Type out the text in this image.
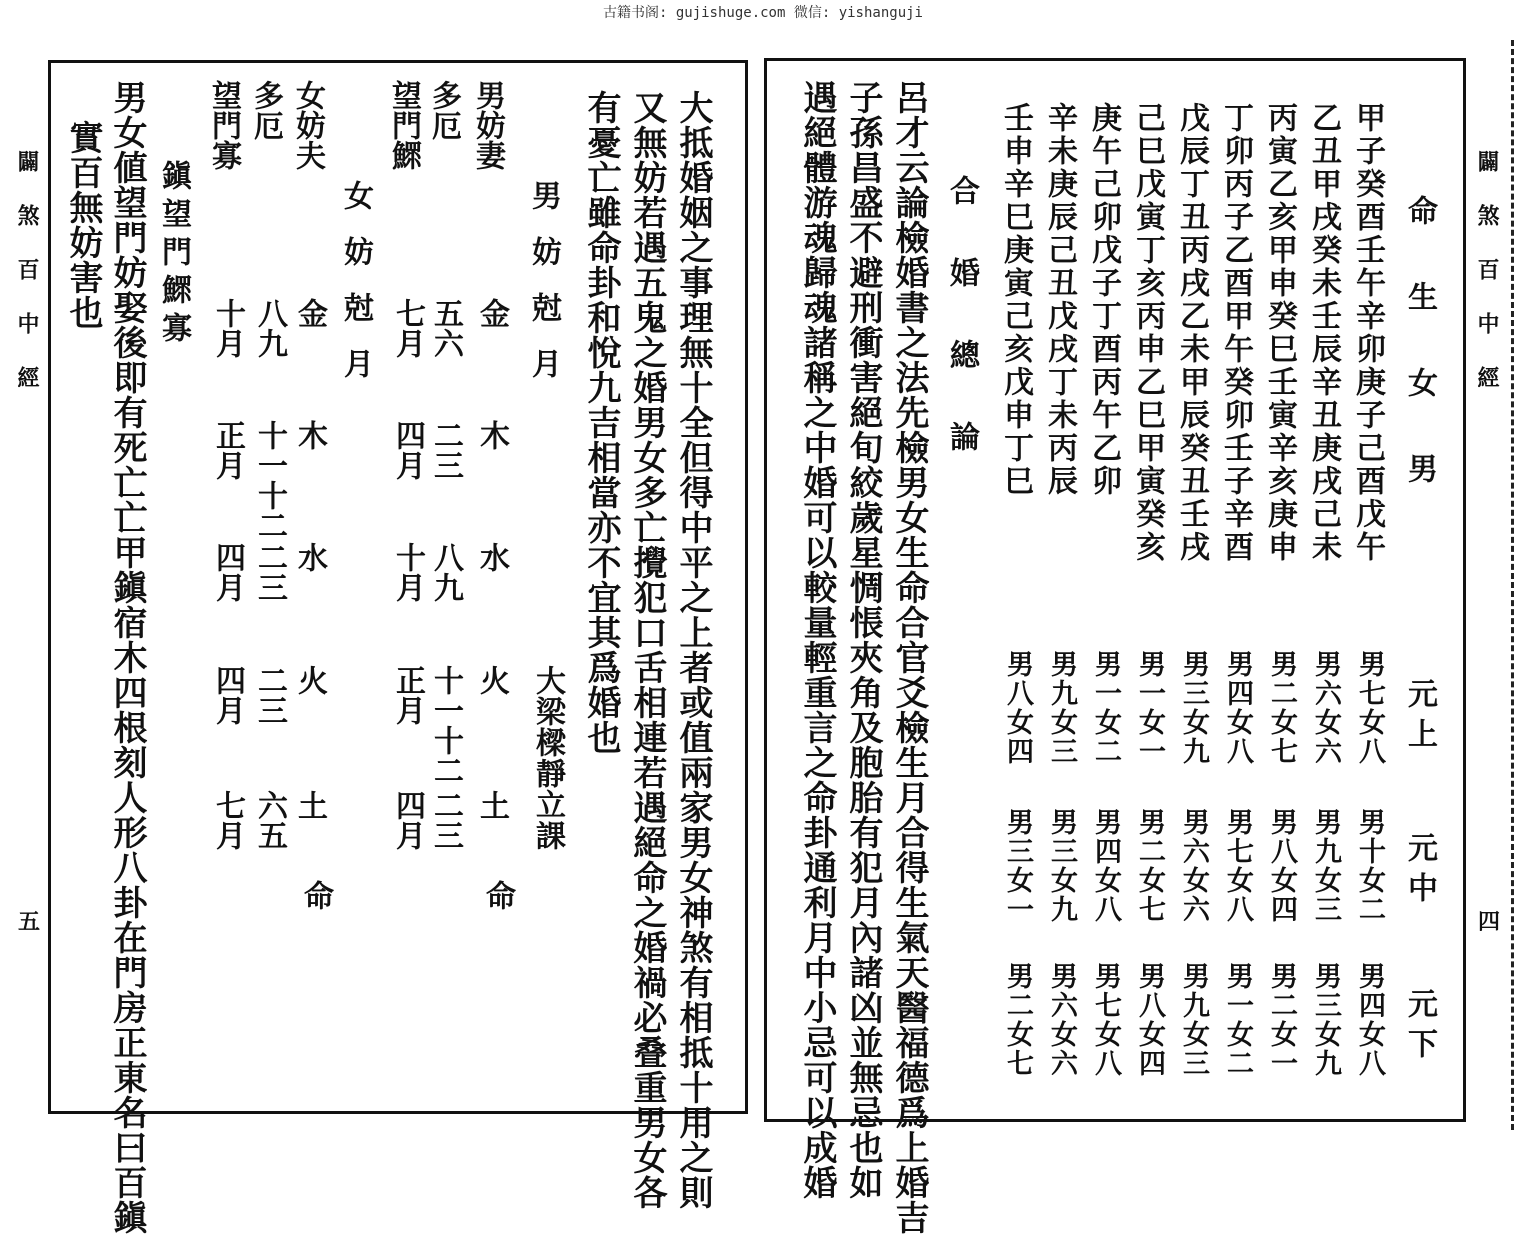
古籍书阁: gujishuge.com 微信: yishanguji
闢煞百中經
五	大抵婚姻之事理無十全但得中平之上者或值兩家男女神煞有相抵十用之則
又無妨若遇五鬼之婚男女多亡攪犯口舌相連若遇絕命之婚禍必叠重男女各
有憂亡雖命卦和悅九吉相當亦不宜其爲婚也
男妨尅月
大梁樑靜立課
男妨妻
金
木
水
火
土
命
多厄
五六
二三
八九
十一十二
二三
望門鰥
七月
四月
十月
正月
四月
女妨尅月
女妨夫
金
木
水
火
土
命
多厄
八九
十一十二
二三
二三
六五
望門寡
十月
正月
四月
四月
七月
鎭望門鰥寡
男女値望門妨娶後即有死亡亡甲鎭宿木四根刻人形八卦在門房正東名曰百鎭
實百無妨害也	闢煞百中經
四
命生女男
元上
元中
元下
甲子癸酉壬午辛卯庚子己酉戊午
乙丑甲戌癸未壬辰辛丑庚戌己未
丙寅乙亥甲申癸巳壬寅辛亥庚申
丁卯丙子乙酉甲午癸卯壬子辛酉
戊辰丁丑丙戌乙未甲辰癸丑壬戌
己巳戊寅丁亥丙申乙巳甲寅癸亥
庚午己卯戊子丁酉丙午乙卯
辛未庚辰己丑戊戌丁未丙辰
壬申辛巳庚寅己亥戊申丁巳
男七女八
男六女六
男二女七
男四女八
男三女九
男一女一
男一女二
男九女三
男八女四
男十女二
男九女三
男八女四
男七女八
男六女六
男二女七
男四女八
男三女九
男三女一
男四女八
男三女九
男二女一
男一女二
男九女三
男八女四
男七女八
男六女六
男二女七
合婚總論
呂才云論檢婚書之法先檢男女生命合官爻檢生月合得生氣天醫福德爲上婚吉
子孫昌盛不避刑衝害絕旬絞歲星惆悵夾角及胞胎有犯月內諸凶並無忌也如
遇絕體游魂歸魂諸稱之中婚可以較量輕重言之命卦通利月中小忌可以成婚
